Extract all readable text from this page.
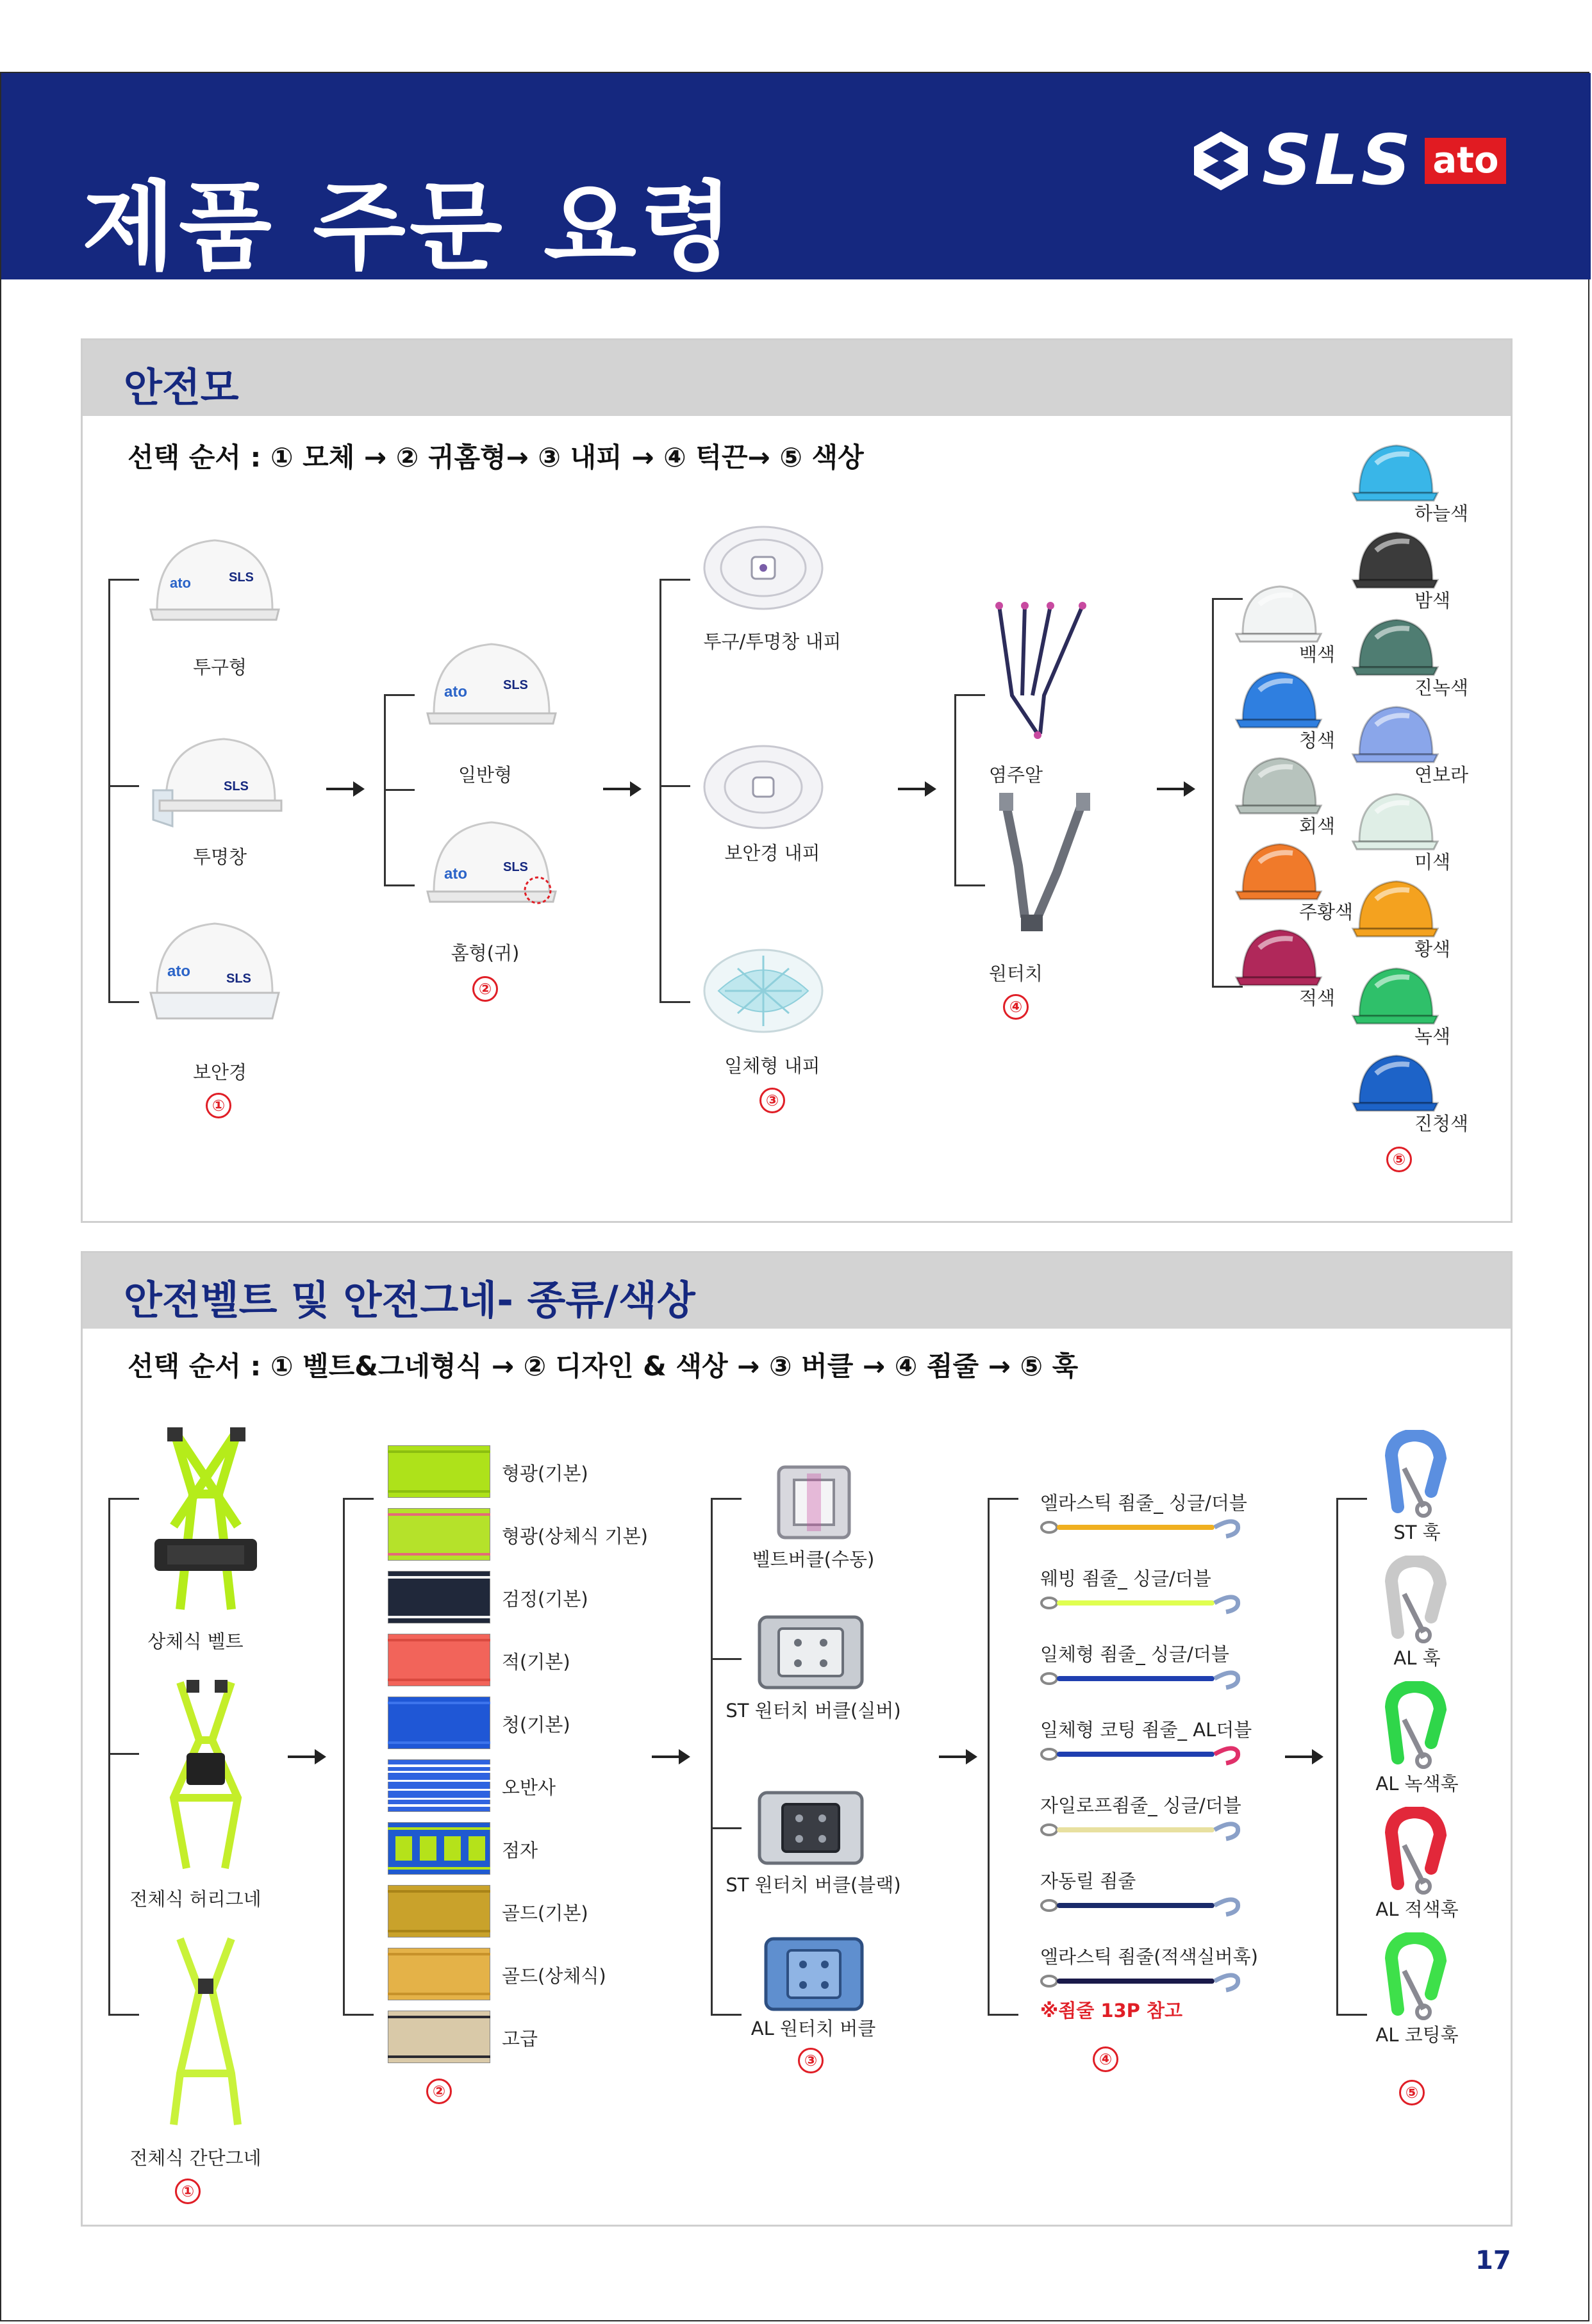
제품 주문 요령
SLS ato
안전모
선택 순서 : ① 모체 → ② 귀홈형→ ③ 내피 → ④ 턱끈→ ⑤ 색상
ato	SLS
투구형
SLS
투명창
ato	SLS
보안경
①
ato	SLS
일반형
ato	SLS
홈형(귀)
②
투구/투명창 내피
보안경 내피
일체형 내피
③
염주알
원터치
④
백색
청색
회색
주황색
적색
하늘색
밤색
진녹색
연보라
미색
황색
녹색
진청색
⑤
안전벨트 및 안전그네- 종류/색상
선택 순서 : ① 벨트&그네형식 → ② 디자인 & 색상 → ③ 버클 → ④ 죔줄 → ⑤ 훅
상체식 벨트
전체식 허리그네
전체식 간단그네
①
형광(기본)
형광(상체식 기본)
검정(기본)
적(기본)
청(기본)
오반사
점자
골드(기본)
골드(상체식)
고급
②
벨트버클(수동)
ST 원터치 버클(실버)
ST 원터치 버클(블랙)
AL 원터치 버클
③
엘라스틱 죔줄_ 싱글/더블
웨빙 죔줄_ 싱글/더블
일체형 죔줄_ 싱글/더블
일체형 코팅 죔줄_ AL더블
자일로프죔줄_ 싱글/더블
자동릴 죔줄
엘라스틱 죔줄(적색실버훅)
※죔줄 13P 참고
④
ST 훅
AL 훅
AL 녹색훅
AL 적색훅
AL 코팅훅
⑤
17
